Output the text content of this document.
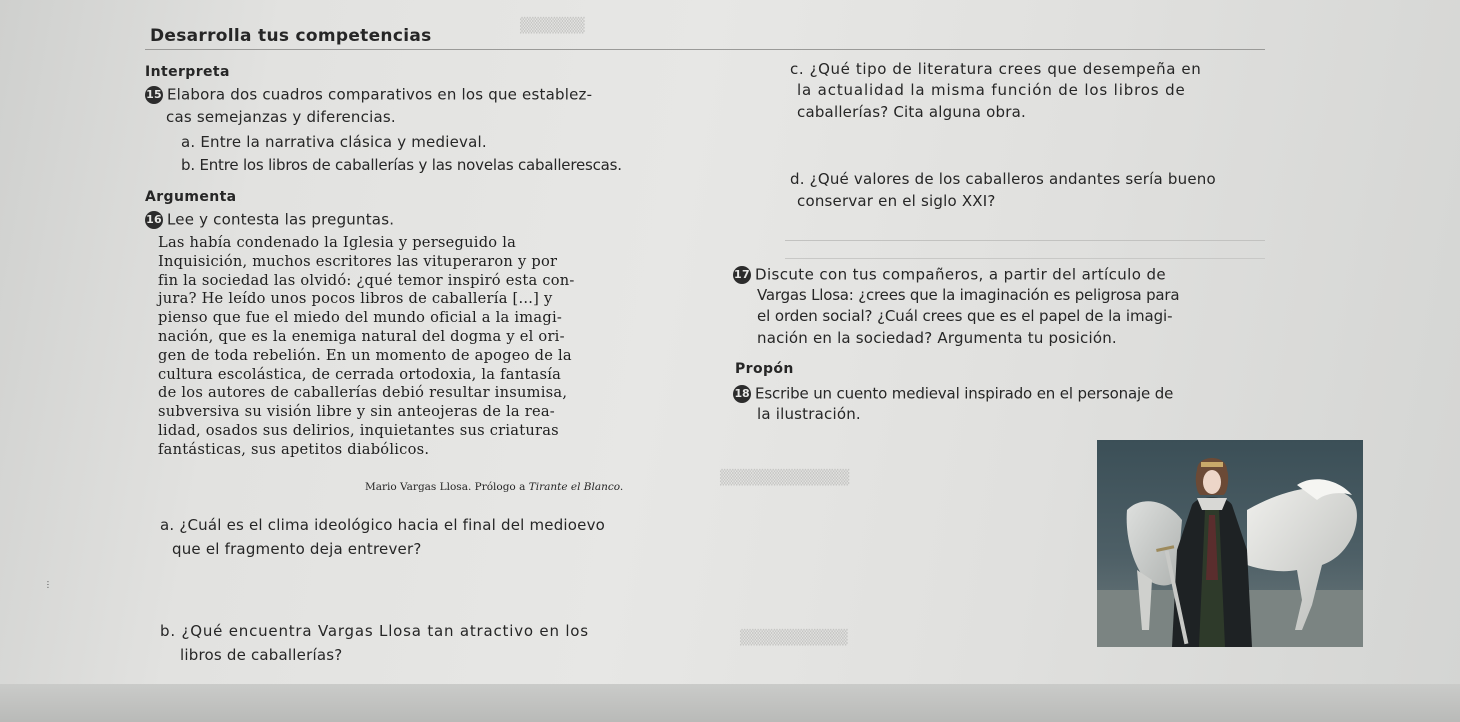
▒▒▒▒▒▒
▒▒▒▒▒▒▒▒▒▒▒▒
▒▒▒▒▒▒▒▒▒▒
Desarrolla tus competencias
Interpreta
15 Elabora dos cuadros comparativos en los que establez-
cas semejanzas y diferencias.
a. Entre la narrativa clásica y medieval.
b. Entre los libros de caballerías y las novelas caballerescas.
Argumenta
16 Lee y contesta las preguntas.
Las había condenado la Iglesia y perseguido la
Inquisición, muchos escritores las vituperaron y por
fin la sociedad las olvidó: ¿qué temor inspiró esta con-
jura? He leído unos pocos libros de caballería [...] y
pienso que fue el miedo del mundo oficial a la imagi-
nación, que es la enemiga natural del dogma y el ori-
gen de toda rebelión. En un momento de apogeo de la
cultura escolástica, de cerrada ortodoxia, la fantasía
de los autores de caballerías debió resultar insumisa,
subversiva su visión libre y sin anteojeras de la rea-
lidad, osados sus delirios, inquietantes sus criaturas
fantásticas, sus apetitos diabólicos.
Mario Vargas Llosa. Prólogo a Tirante el Blanco.
a. ¿Cuál es el clima ideológico hacia el final del medioevo
que el fragmento deja entrever?
b. ¿Qué encuentra Vargas Llosa tan atractivo en los
libros de caballerías?
c. ¿Qué tipo de literatura crees que desempeña en
la actualidad la misma función de los libros de
caballerías? Cita alguna obra.
d. ¿Qué valores de los caballeros andantes sería bueno
conservar en el siglo XXI?
17 Discute con tus compañeros, a partir del artículo de
Vargas Llosa: ¿crees que la imaginación es peligrosa para
el orden social? ¿Cuál crees que es el papel de la imagi-
nación en la sociedad? Argumenta tu posición.
Propón
18 Escribe un cuento medieval inspirado en el personaje de
la ilustración.
···
